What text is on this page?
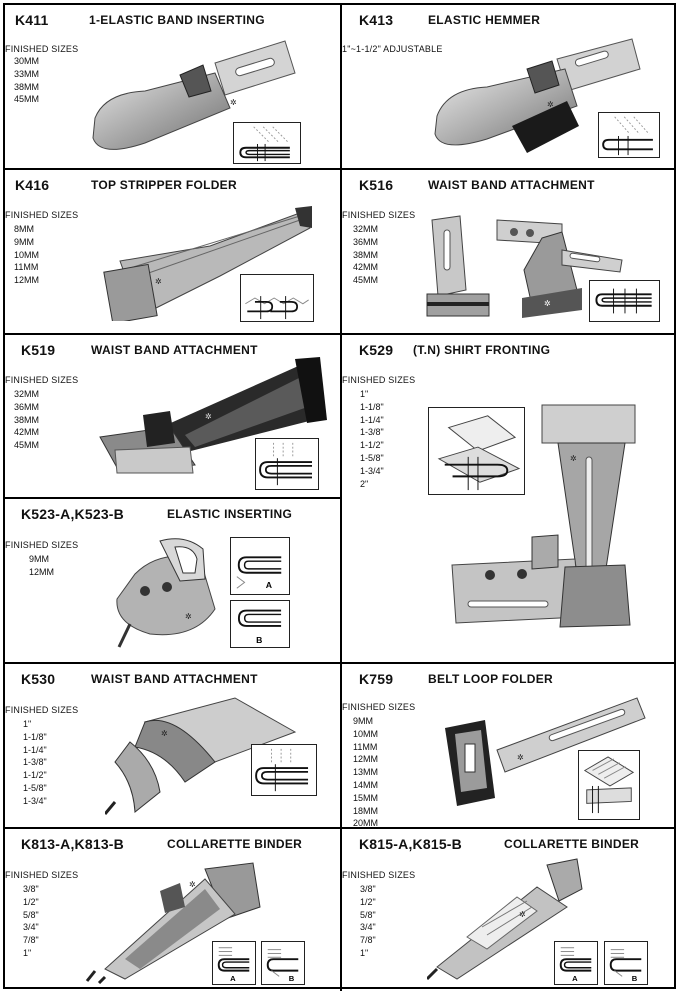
K411	1-ELASTIC BAND INSERTING
FINISHED SIZES
30MM
33MM
38MM
45MM	✲
K413	ELASTIC HEMMER
1"~1-1/2" ADJUSTABLE
✲
K416	TOP STRIPPER FOLDER
FINISHED SIZES
8MM
9MM
10MM
11MM
12MM	✲
K516	WAIST BAND ATTACHMENT
FINISHED SIZES
32MM
36MM
38MM
42MM
45MM
✲
K519	WAIST BAND ATTACHMENT
FINISHED SIZES
32MM
36MM
38MM
42MM
45MM
✲
K529 (T.N) SHIRT FRONTING
FINISHED SIZES
1"
1-1/8"
1-1/4"
1-3/8"
1-1/2"
1-5/8"
1-3/4"
2"
✲
K523-A,K523-B	ELASTIC INSERTING
FINISHED SIZES
9MM
12MM
✲
A
B
K530	WAIST BAND ATTACHMENT
FINISHED SIZES
1"
1-1/8"
1-1/4"
1-3/8"
1-1/2"
1-5/8"
1-3/4"
✲
K759	BELT LOOP FOLDER
FINISHED SIZES
9MM
10MM
11MM
12MM
13MM
14MM
15MM
18MM
20MM
✲
K813-A,K813-B	COLLARETTE BINDER
FINISHED SIZES
3/8"
1/2"
5/8"
3/4"
7/8"
1"
✲
A	B
K815-A,K815-B	COLLARETTE BINDER
FINISHED SIZES
3/8"
1/2"
5/8"
3/4"
7/8"
1"
✲
A	B
